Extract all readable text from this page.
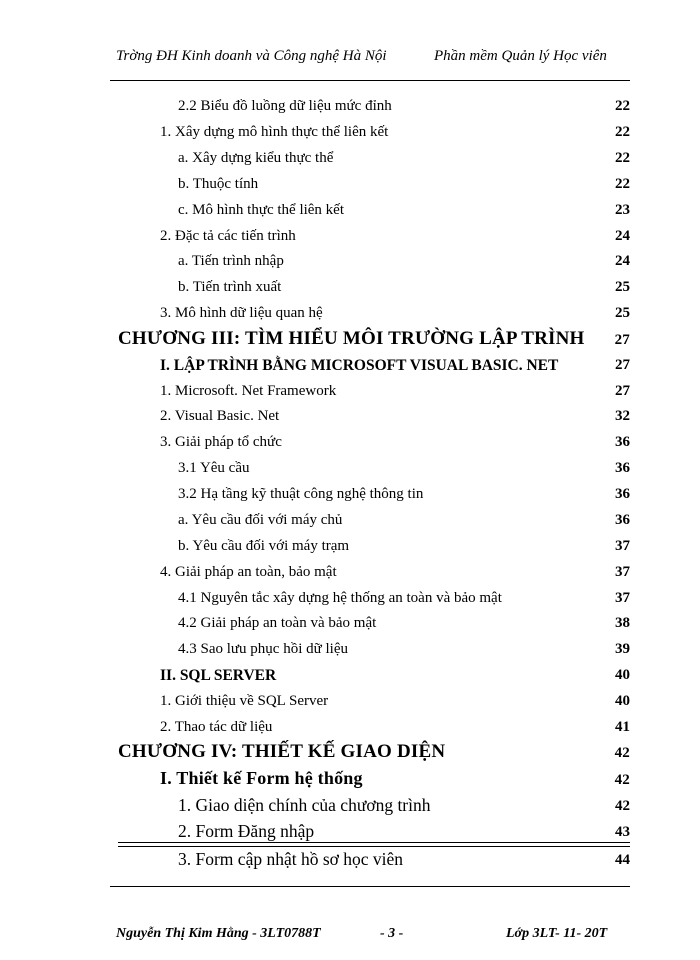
Trờng ĐH Kinh doanh và Công nghệ Hà Nội	Phần mềm Quản lý Học viên
2.2 Biểu đồ luồng dữ liệu mức đỉnh	22
1. Xây dựng mô hình thực thể liên kết	22
a. Xây dựng kiểu thực thể	22
b. Thuộc tính	22
c. Mô hình thực thể liên kết	23
2. Đặc tả các tiến trình	24
a. Tiến trình nhập	24
b. Tiến trình xuất	25
3. Mô hình dữ liệu quan hệ	25
CHƯƠNG III: TÌM HIỂU MÔI TRƯỜNG LẬP TRÌNH 27
I. LẬP TRÌNH BẰNG MICROSOFT VISUAL BASIC. NET	27
1. Microsoft. Net Framework	27
2. Visual Basic. Net	32
3. Giải pháp tổ chức	36
3.1 Yêu cầu	36
3.2 Hạ tầng kỹ thuật công nghệ thông tin	36
a. Yêu cầu đối với máy chủ	36
b. Yêu cầu đối với máy trạm	37
4. Giải pháp an toàn, bảo mật	37
4.1 Nguyên tắc xây dựng hệ thống an toàn và bảo mật	37
4.2 Giải pháp an toàn và bảo mật	38
4.3 Sao lưu phục hồi dữ liệu	39
II. SQL SERVER	40
1. Giới thiệu về SQL Server	40
2. Thao tác dữ liệu	41
CHƯƠNG IV: THIẾT KẾ GIAO DIỆN	42
I. Thiết kế Form hệ thống	42
1. Giao diện chính của chương trình	42
2. Form Đăng nhập	43
3. Form cập nhật hồ sơ học viên	44
Nguyễn Thị Kim Hằng - 3LT0788T	- 3 -	Lớp 3LT- 11- 20T
